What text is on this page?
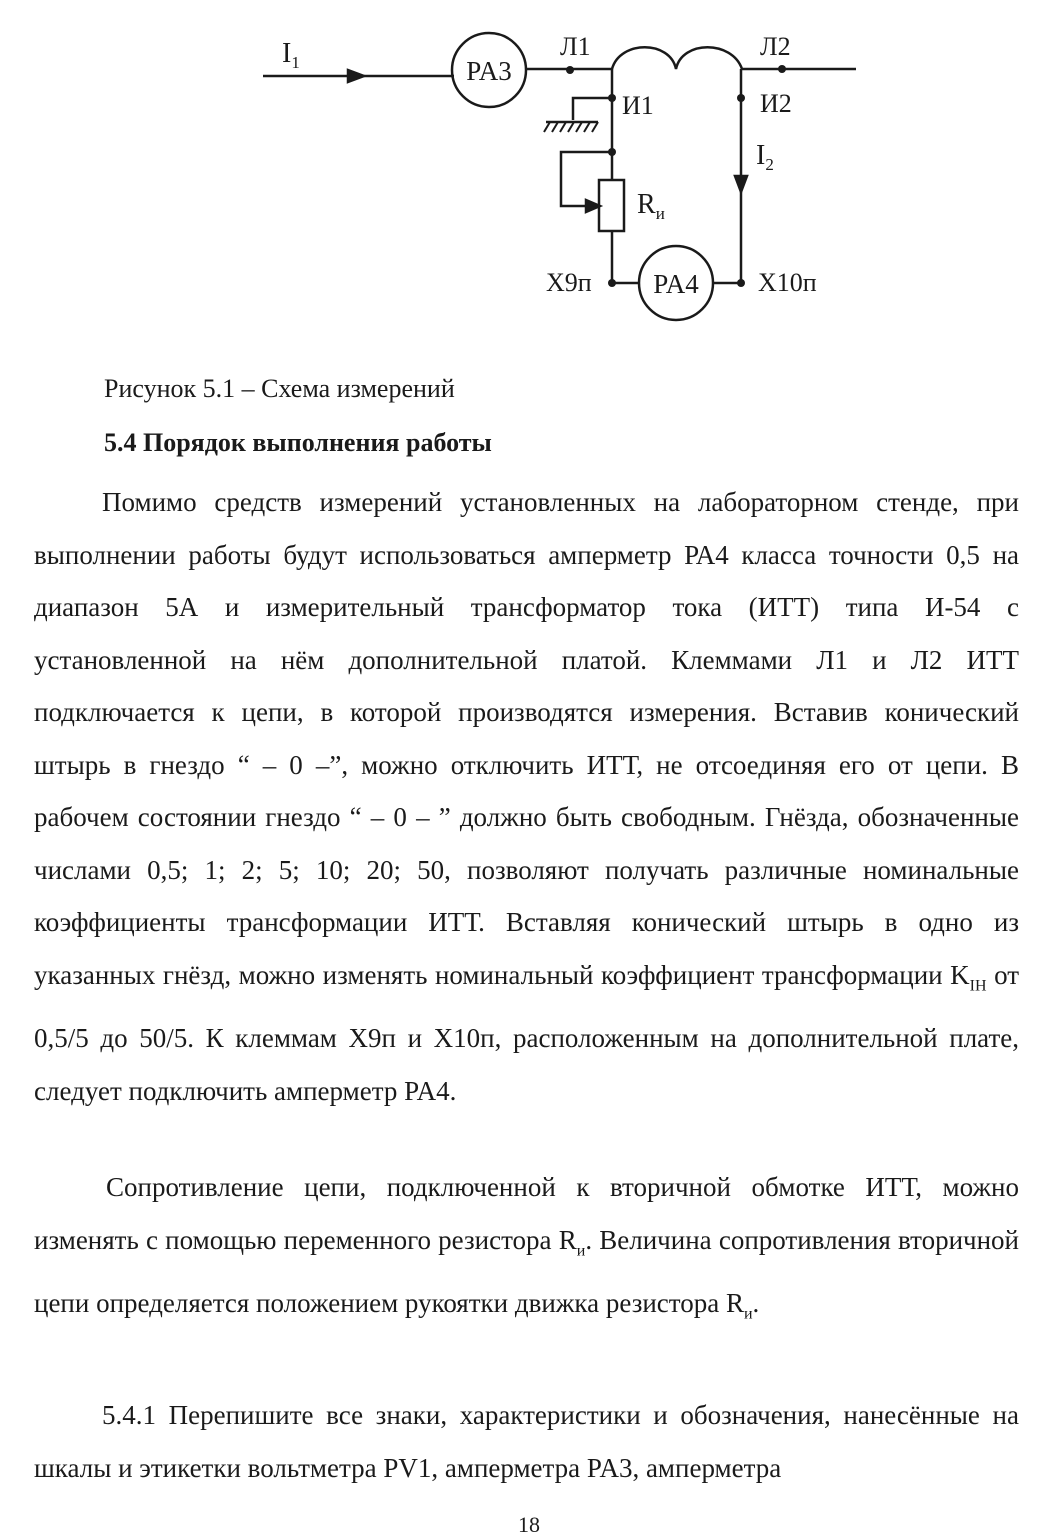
$I_1$	PA3
Л1	Л2
И1	И2
$I_2$
$R_и$
X9п PA4 X10п

Рисунок 5.1 – Схема измерений

5.4 Порядок выполнения работы

Помимо средств измерений установленных на лабораторном стенде, при выполнении работы будут использоваться амперметр РА4 класса точности 0,5 на диапазон 5А и измерительный трансформатор тока (ИТТ) типа И-54 с установленной на нём дополнительной платой. Клеммами Л1 и Л2 ИТТ подключается к цепи, в которой производятся измерения. Вставив конический штырь в гнездо “ – 0 –”, можно отключить ИТТ, не отсоединяя его от цепи. В рабочем состоянии гнездо “ – 0 – ” должно быть свободным. Гнёзда, обозначенные числами 0,5; 1; 2; 5; 10; 20; 50, позволяют получать различные номинальные коэффициенты трансформации ИТТ. Вставляя конический штырь в одно из указанных гнёзд, можно изменять номинальный коэффициент трансформации $K_{IН}$ от 0,5/5 до 50/5. К клеммам X9п и X10п, расположенным на дополнительной плате, следует подключить амперметр PA4.

Сопротивление цепи, подключенной к вторичной обмотке ИТТ, можно изменять с помощью переменного резистора $R_и$. Величина сопротивления вторичной цепи определяется положением рукоятки движка резистора $R_и$.

5.4.1 Перепишите все знаки, характеристики и обозначения, нанесённые на шкалы и этикетки вольтметра PV1, амперметра PA3, амперметра

18
